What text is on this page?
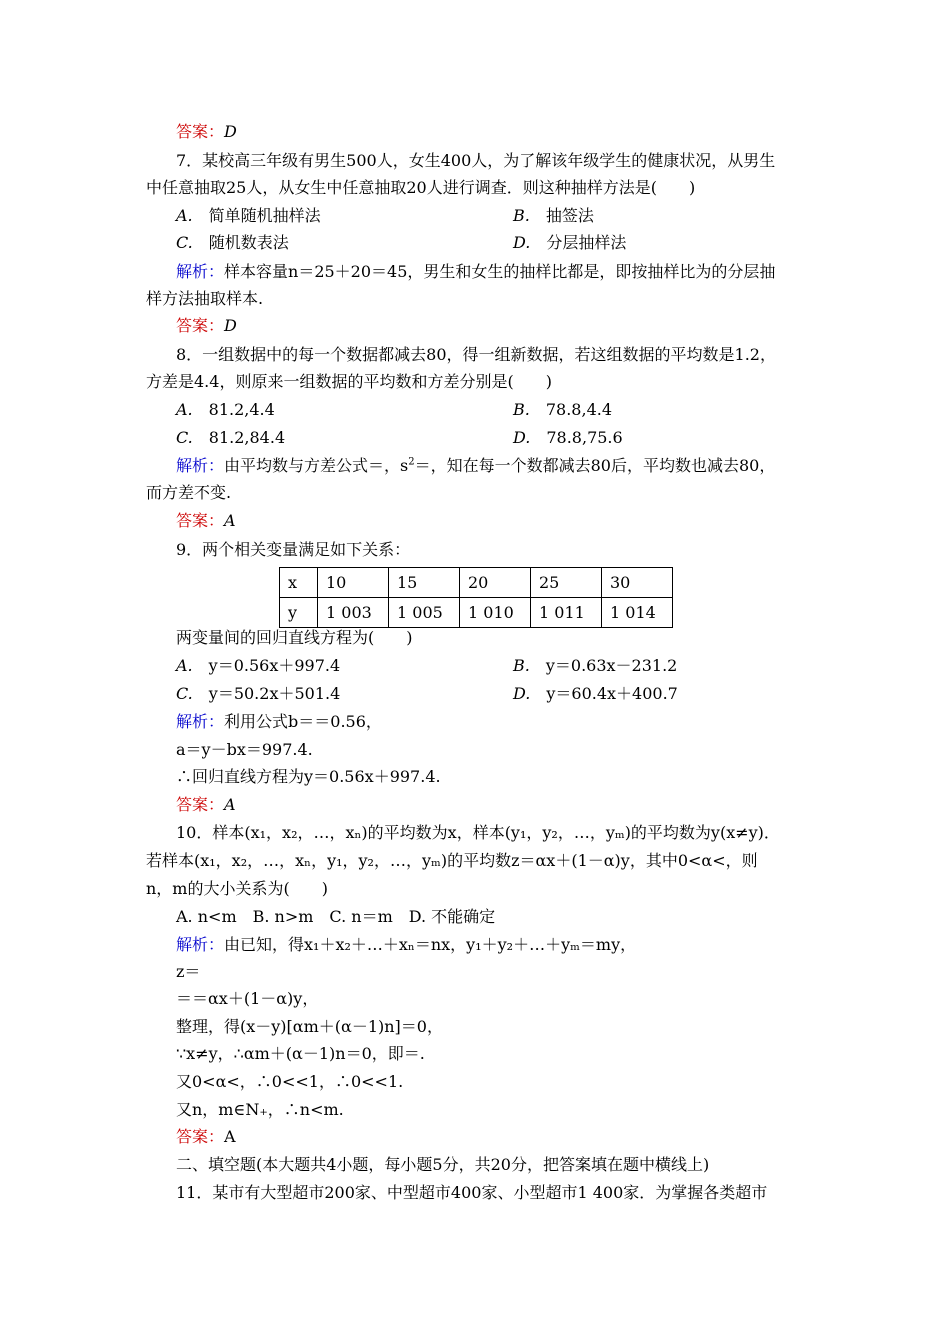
答案：D
7．某校高三年级有男生500人，女生400人，为了解该年级学生的健康状况，从男生
中任意抽取25人，从女生中任意抽取20人进行调查．则这种抽样方法是(　　)
A.　 简单随机抽样法	B.　 抽签法
C.　 随机数表法	D.　 分层抽样法
解析：样本容量n＝25＋20＝45，男生和女生的抽样比都是，即按抽样比为的分层抽
样方法抽取样本.
答案：D
8．一组数据中的每一个数据都减去80，得一组新数据，若这组数据的平均数是1.2，
方差是4.4，则原来一组数据的平均数和方差分别是(　　)
A.　 81.2,4.4	B.　 78.8,4.4
C.　 81.2,84.4	D.　 78.8,75.6
解析：由平均数与方差公式＝，$s^2=$，知在每一个数都减去80后，平均数也减去80，
而方差不变.
答案：A
9．两个相关变量满足如下关系：
x	10	15	20	25	30
y	1 003	1 005	1 010	1 011	1 014
两变量间的回归直线方程为(　　)
A.　 y＝0.56x＋997.4	B.　 y＝0.63x－231.2
C.　 y＝50.2x＋501.4	D.　 y＝60.4x＋400.7
解析：利用公式b＝＝0.56，
a＝y－bx＝997.4.
∴回归直线方程为y＝0.56x＋997.4.
答案：A
10．样本(x₁，x₂，…，xₙ)的平均数为x，样本(y₁，y₂，…，yₘ)的平均数为y(x≠y)．
若样本(x₁，x₂，…，xₙ，y₁，y₂，…，yₘ)的平均数z＝αx＋(1－α)y，其中0<α<，则
n，m的大小关系为(　　)
A. n<m　B. n>m　C. n＝m　D. 不能确定
解析：由已知，得x₁＋x₂＋…＋xₙ＝nx，y₁＋y₂＋…＋yₘ＝my，
z＝
＝＝αx＋(1－α)y，
整理，得(x－y)[αm＋(α－1)n]＝0，
∵x≠y，∴αm＋(α－1)n＝0，即＝.
又0<α<，∴0<<1，∴0<<1.
又n，m∈N₊，∴n<m.
答案：A
二、填空题(本大题共4小题，每小题5分，共20分，把答案填在题中横线上)
11．某市有大型超市200家、中型超市400家、小型超市1 400家．为掌握各类超市
